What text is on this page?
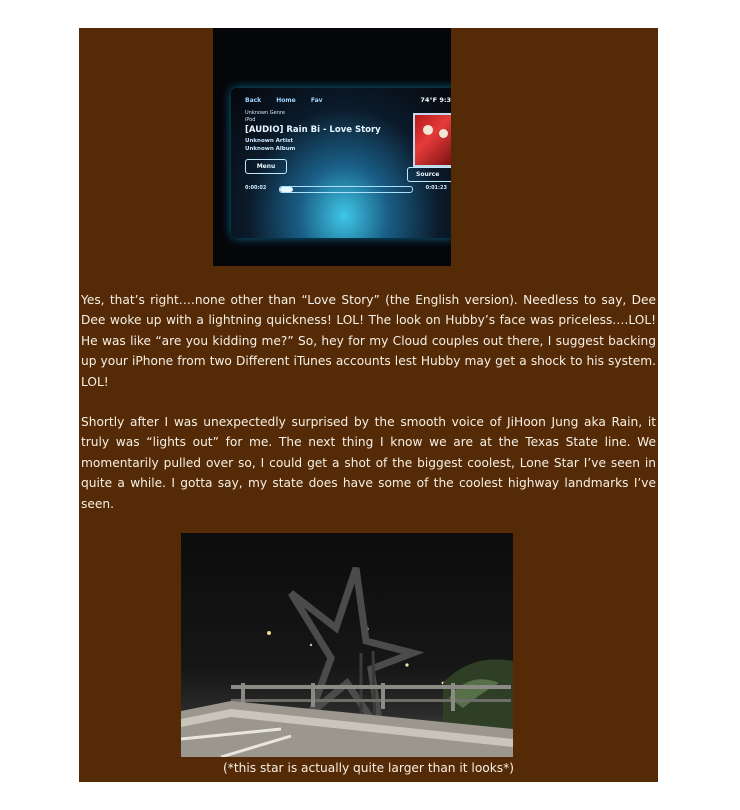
Back	Home	Fav	74°F 9:3
Unknown Genre
iPod
[AUDIO] Rain Bi - Love Story
Unknown Artist
Unknown Album
Menu
Source
0:00:02	0:01:23

Yes, that’s right….none other than “Love Story” (the English version). Needless to say, Dee Dee woke up with a lightning quickness! LOL! The look on Hubby’s face was priceless….LOL! He was like “are you kidding me?” So, hey for my Cloud couples out there, I suggest backing up your iPhone from two Different iTunes accounts lest Hubby may get a shock to his system. LOL!

Shortly after I was unexpectedly surprised by the smooth voice of JiHoon Jung aka Rain, it truly was “lights out” for me. The next thing I know we are at the Texas State line. We momentarily pulled over so, I could get a shot of the biggest coolest, Lone Star I’ve seen in quite a while. I gotta say, my state does have some of the coolest highway landmarks I’ve seen.

(*this star is actually quite larger than it looks*)
